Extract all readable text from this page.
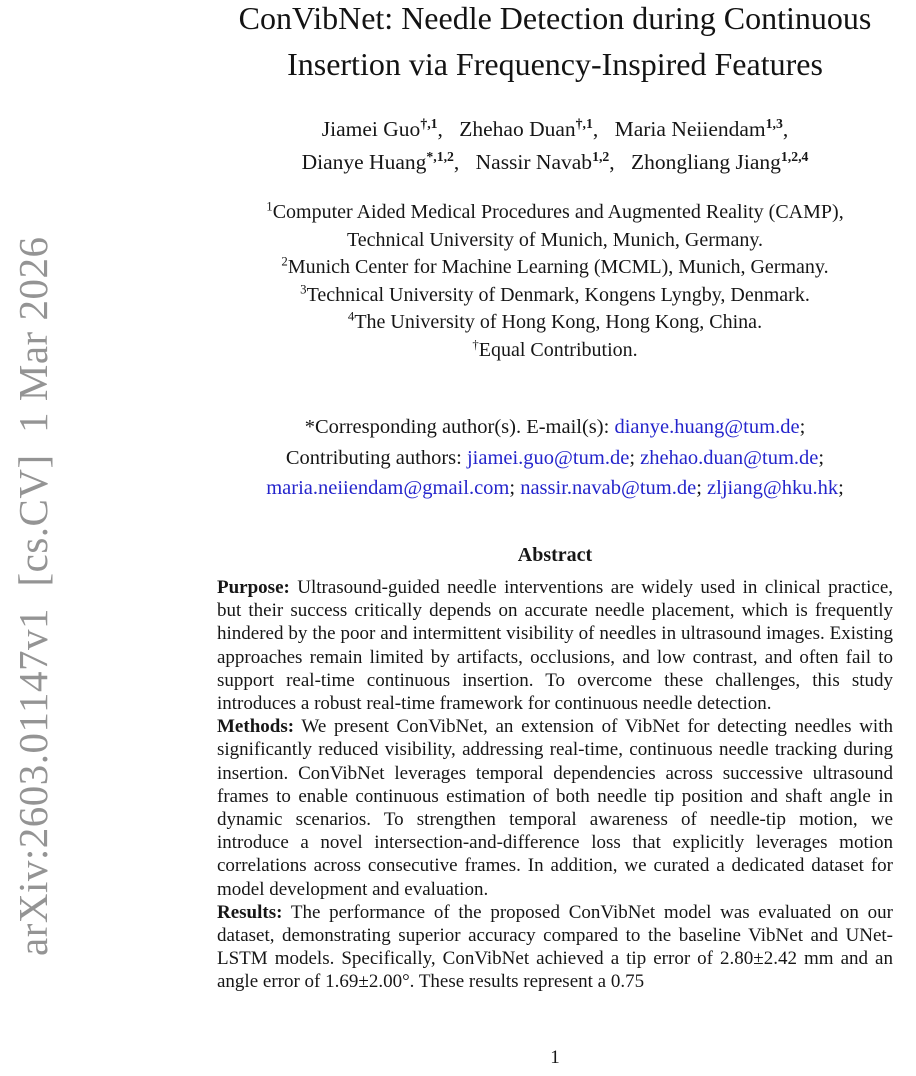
arXiv:2603.01147v1  [cs.CV]  1 Mar 2026
ConVibNet: Needle Detection during Continuous
Insertion via Frequency-Inspired Features
Jiamei Guo$^{\dagger,1}$, Zhehao Duan$^{\dagger,1}$, Maria Neiiendam$^{1,3}$,
Dianye Huang$^{*,1,2}$, Nassir Navab$^{1,2}$, Zhongliang Jiang$^{1,2,4}$
$^1$Computer Aided Medical Procedures and Augmented Reality (CAMP),
Technical University of Munich, Munich, Germany.
$^2$Munich Center for Machine Learning (MCML), Munich, Germany.
$^3$Technical University of Denmark, Kongens Lyngby, Denmark.
$^4$The University of Hong Kong, Hong Kong, China.
†Equal Contribution.
*Corresponding author(s). E-mail(s): dianye.huang@tum.de;
Contributing authors: jiamei.guo@tum.de; zhehao.duan@tum.de;
maria.neiiendam@gmail.com; nassir.navab@tum.de; zljiang@hku.hk;
Abstract

Purpose: Ultrasound-guided needle interventions are widely used in clinical practice, but their success critically depends on accurate needle placement, which is frequently hindered by the poor and intermittent visibility of needles in ultrasound images. Existing approaches remain limited by artifacts, occlusions, and low contrast, and often fail to support real-time continuous insertion. To overcome these challenges, this study introduces a robust real-time framework for continuous needle detection.

Methods: We present ConVibNet, an extension of VibNet for detecting needles with significantly reduced visibility, addressing real-time, continuous needle tracking during insertion. ConVibNet leverages temporal dependencies across successive ultrasound frames to enable continuous estimation of both needle tip position and shaft angle in dynamic scenarios. To strengthen temporal awareness of needle-tip motion, we introduce a novel intersection-and-difference loss that explicitly leverages motion correlations across consecutive frames. In addition, we curated a dedicated dataset for model development and evaluation.

Results: The performance of the proposed ConVibNet model was evaluated on our dataset, demonstrating superior accuracy compared to the baseline VibNet and UNet-LSTM models. Specifically, ConVibNet achieved a tip error of 2.80±2.42 mm and an angle error of 1.69±2.00°. These results represent a 0.75

1
